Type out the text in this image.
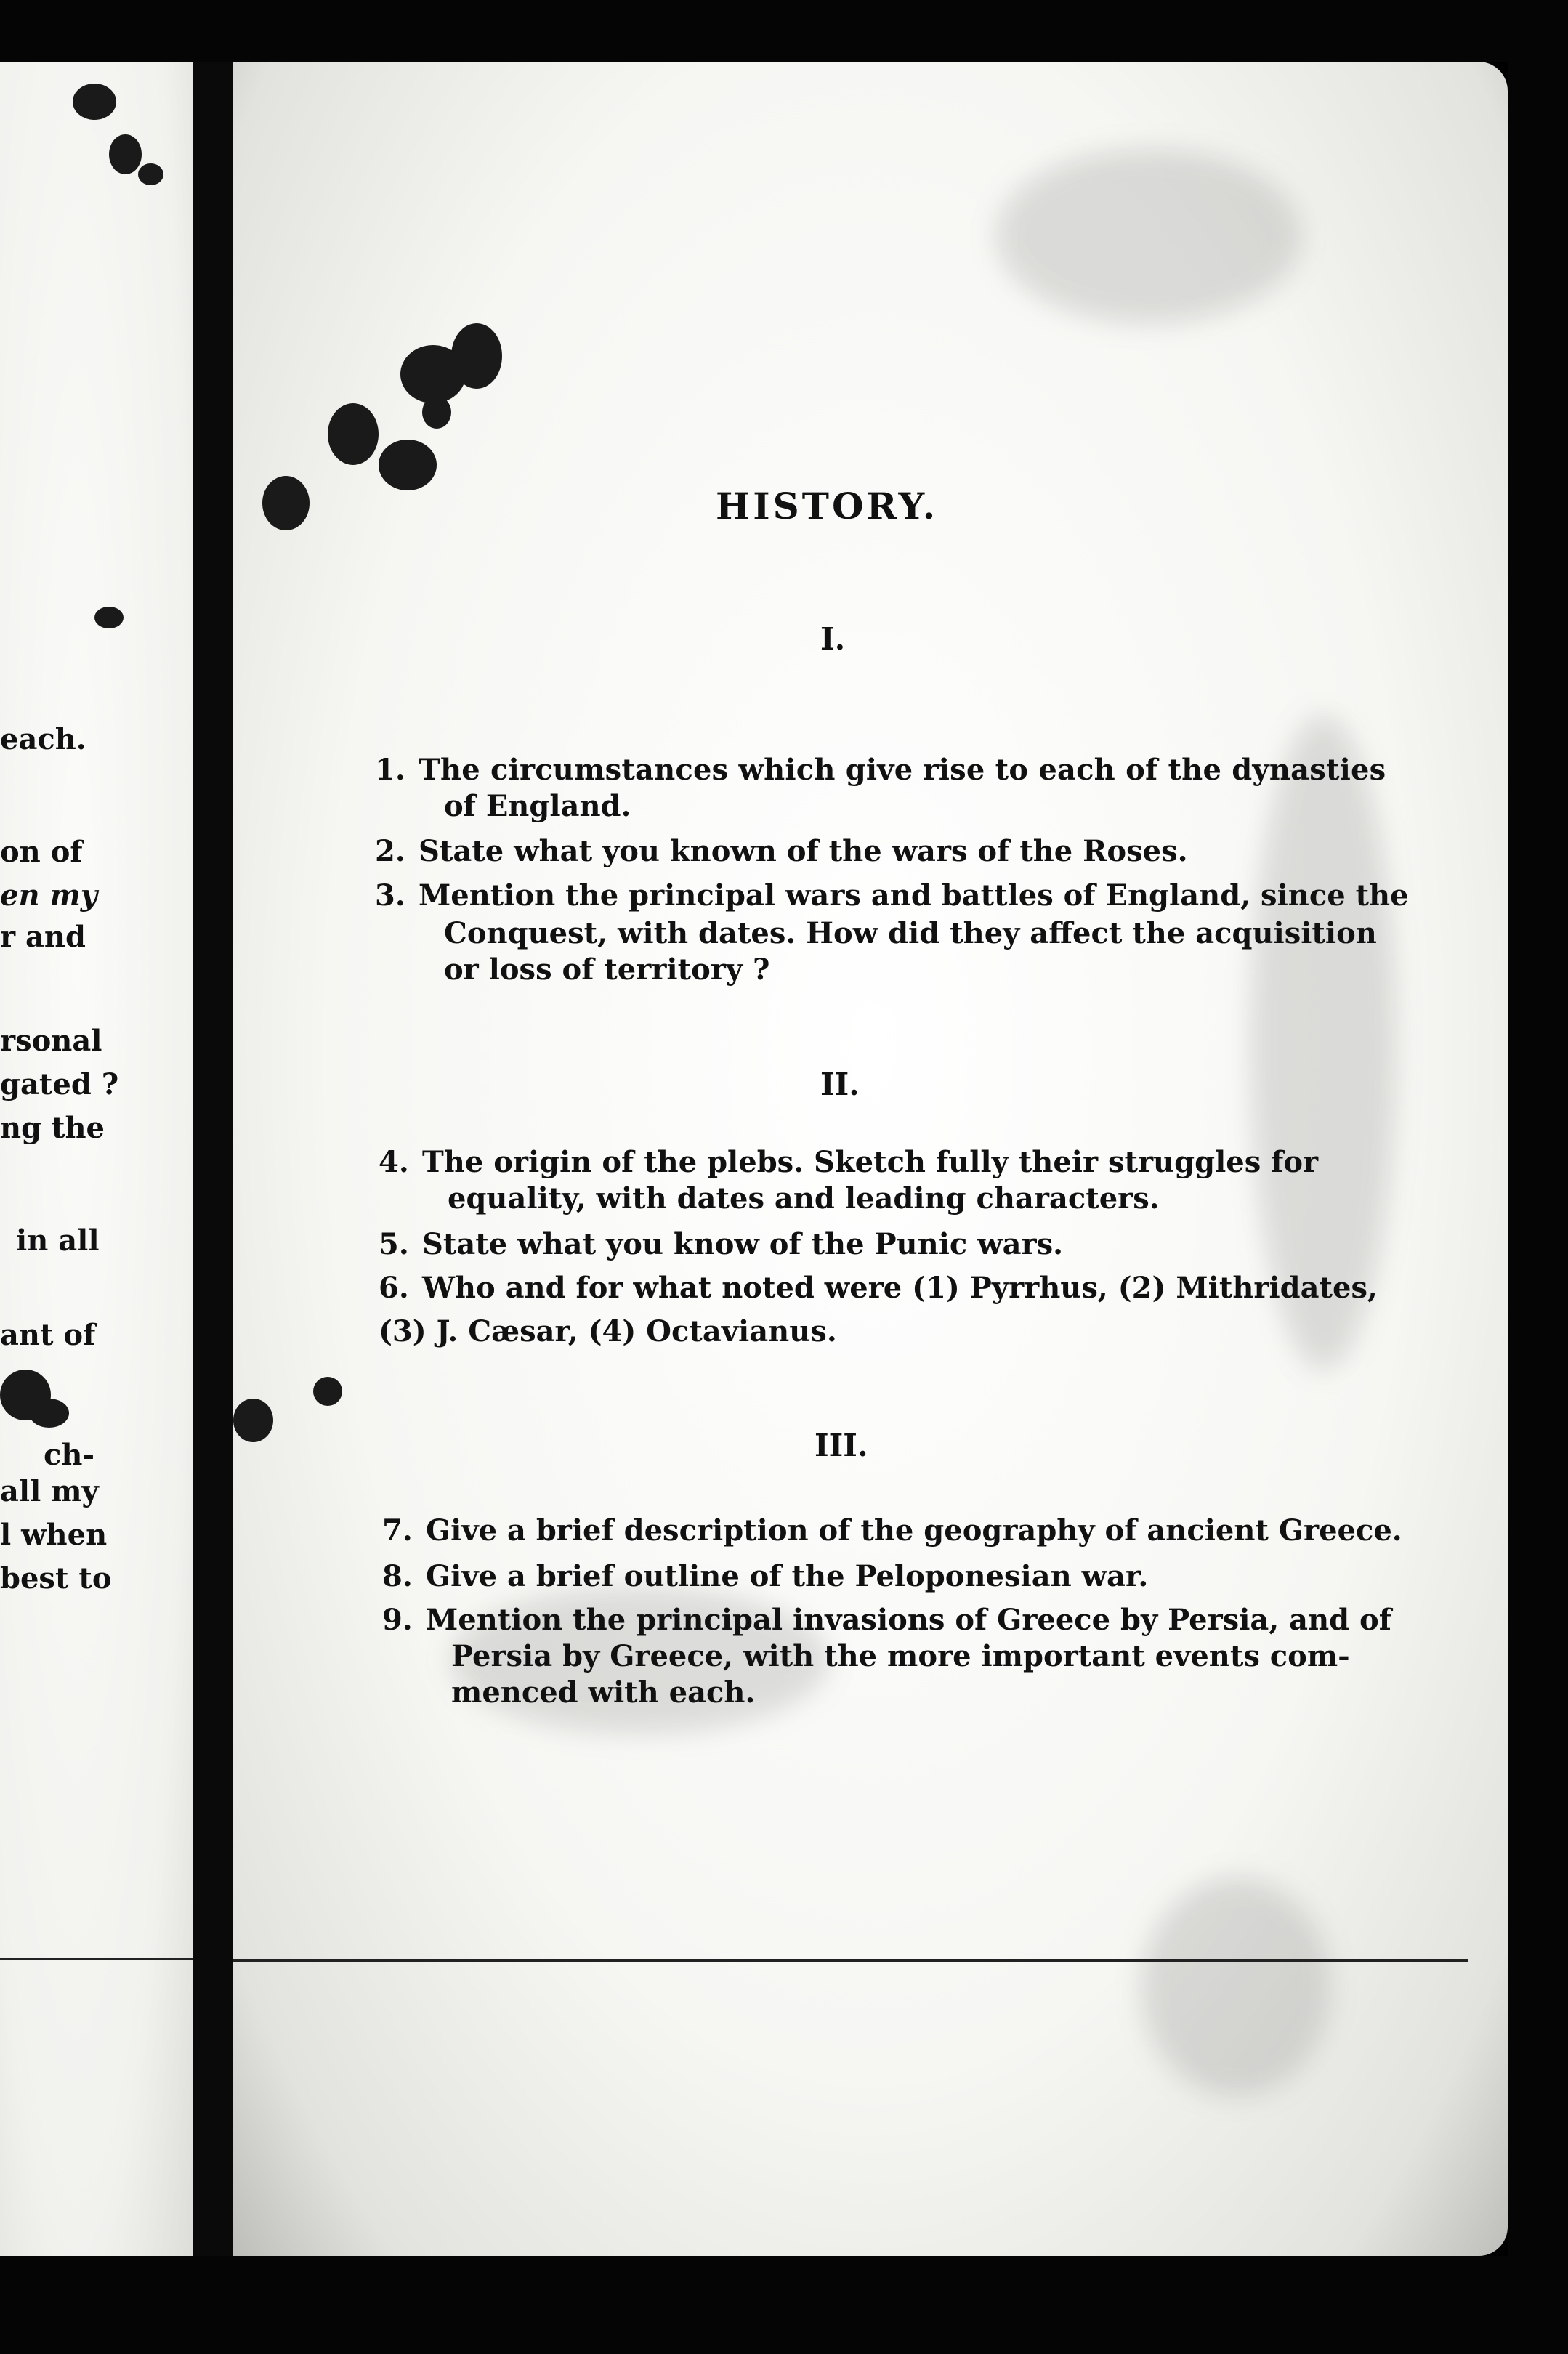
each.
on of
en my
r and
rsonal
gated ?
ng the
in all
ant of
ch-
all my
l when
best to
HISTORY.
I.
1. The circumstances which give rise to each of the dynasties
of England.
2. State what you known of the wars of the Roses.
3. Mention the principal wars and battles of England, since the
Conquest, with dates. How did they affect the acquisition
or loss of territory ?
II.
4. The origin of the plebs. Sketch fully their struggles for
equality, with dates and leading characters.
5. State what you know of the Punic wars.
6. Who and for what noted were (1) Pyrrhus, (2) Mithridates,
(3) J. Cæsar, (4) Octavianus.
III.
7. Give a brief description of the geography of ancient Greece.
8. Give a brief outline of the Peloponesian war.
9. Mention the principal invasions of Greece by Persia, and of
Persia by Greece, with the more important events com-
menced with each.
